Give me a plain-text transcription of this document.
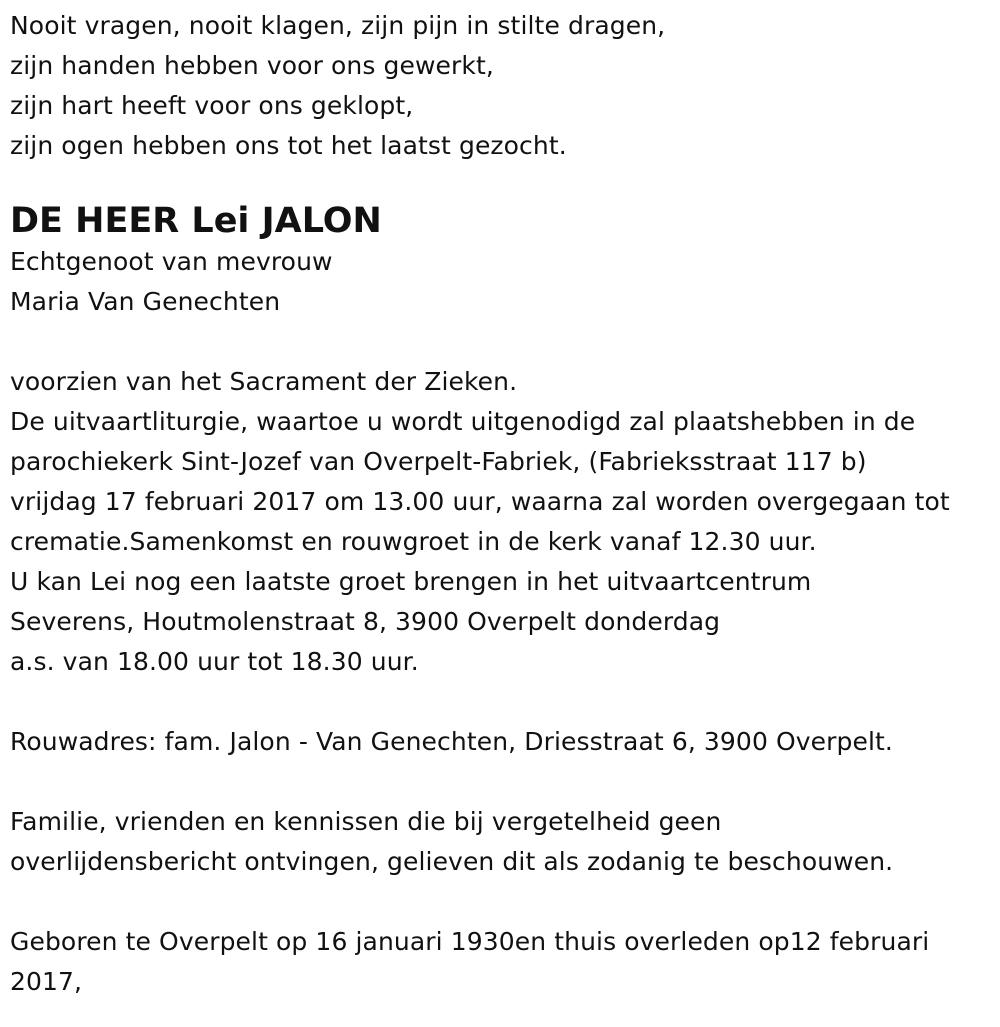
Nooit vragen, nooit klagen, zijn pijn in stilte dragen,
zijn handen hebben voor ons gewerkt,
zijn hart heeft voor ons geklopt,
zijn ogen hebben ons tot het laatst gezocht.
DE HEER Lei JALON
Echtgenoot van mevrouw
Maria Van Genechten
voorzien van het Sacrament der Zieken.
De uitvaartliturgie, waartoe u wordt uitgenodigd zal plaatshebben in de
parochiekerk Sint-Jozef van Overpelt-Fabriek, (Fabrieksstraat 117 b)
vrijdag 17 februari 2017 om 13.00 uur, waarna zal worden overgegaan tot
crematie.Samenkomst en rouwgroet in de kerk vanaf 12.30 uur.
U kan Lei nog een laatste groet brengen in het uitvaartcentrum
Severens, Houtmolenstraat 8, 3900 Overpelt donderdag
a.s. van 18.00 uur tot 18.30 uur.
Rouwadres: fam. Jalon - Van Genechten, Driesstraat 6, 3900 Overpelt.
Familie, vrienden en kennissen die bij vergetelheid geen
overlijdensbericht ontvingen, gelieven dit als zodanig te beschouwen.
Geboren te Overpelt op 16 januari 1930en thuis overleden op12 februari
2017,
